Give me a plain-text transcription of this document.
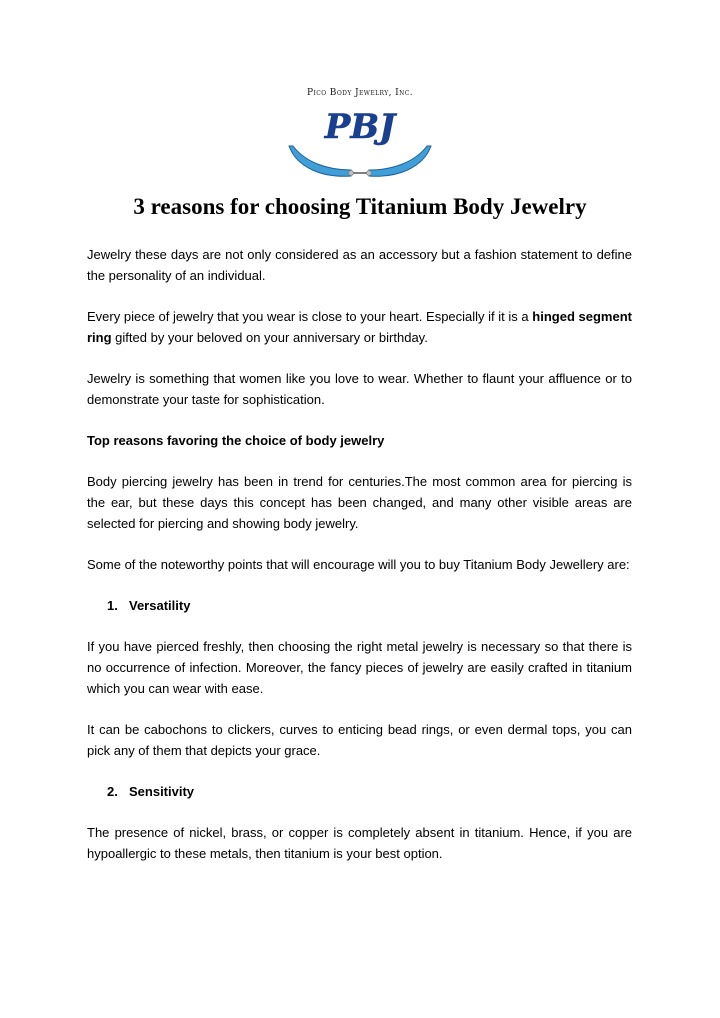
Pico Body Jewelry, Inc.
PBJ
3 reasons for choosing Titanium Body Jewelry

Jewelry these days are not only considered as an accessory but a fashion statement to define the personality of an individual.

Every piece of jewelry that you wear is close to your heart. Especially if it is a hinged segment ring gifted by your beloved on your anniversary or birthday.

Jewelry is something that women like you love to wear. Whether to flaunt your affluence or to demonstrate your taste for sophistication.

Top reasons favoring the choice of body jewelry

Body piercing jewelry has been in trend for centuries.The most common area for piercing is the ear, but these days this concept has been changed, and many other visible areas are selected for piercing and showing body jewelry.

Some of the noteworthy points that will encourage will you to buy Titanium Body Jewellery are:

1. Versatility

If you have pierced freshly, then choosing the right metal jewelry is necessary so that there is no occurrence of infection. Moreover, the fancy pieces of jewelry are easily crafted in titanium which you can wear with ease.

It can be cabochons to clickers, curves to enticing bead rings, or even dermal tops, you can pick any of them that depicts your grace.

2. Sensitivity

The presence of nickel, brass, or copper is completely absent in titanium. Hence, if you are hypoallergic to these metals, then titanium is your best option.
